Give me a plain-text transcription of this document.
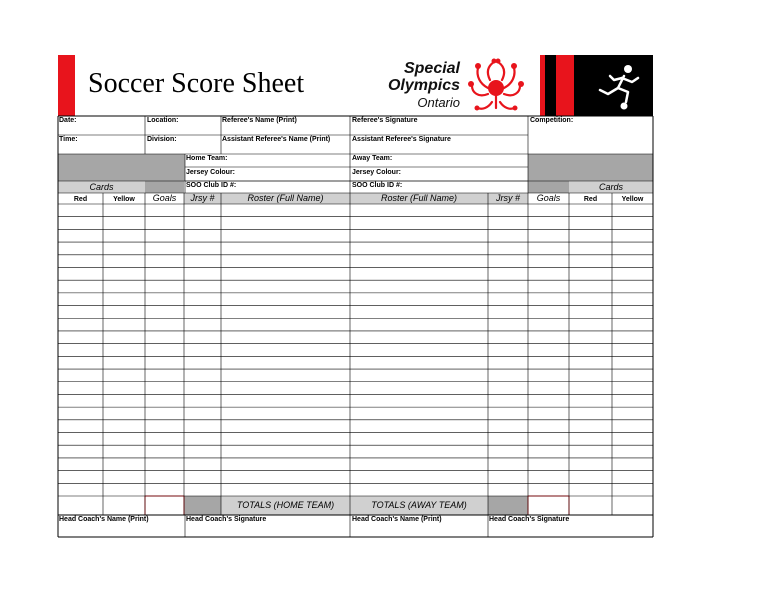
Soccer Score Sheet	Special
Olympics
Ontario
Date:	Location:	Referee's Name (Print)	Referee's Signature	Competition:
Time:	Division:	Assistant Referee's Name (Print)	Assistant Referee's Signature
Home Team:	Away Team:
Jersey Colour:	Jersey Colour:
SOO Club ID #:	SOO Club ID #:
Cards	Cards
Red	Yellow	Goals	Jrsy #	Roster (Full Name)	Roster (Full Name)	Jrsy #	Goals	Red	Yellow
TOTALS (HOME TEAM)	TOTALS (AWAY TEAM)
Head Coach's Name (Print)	Head Coach's Signature	Head Coach's Name (Print)	Head Coach's Signature
